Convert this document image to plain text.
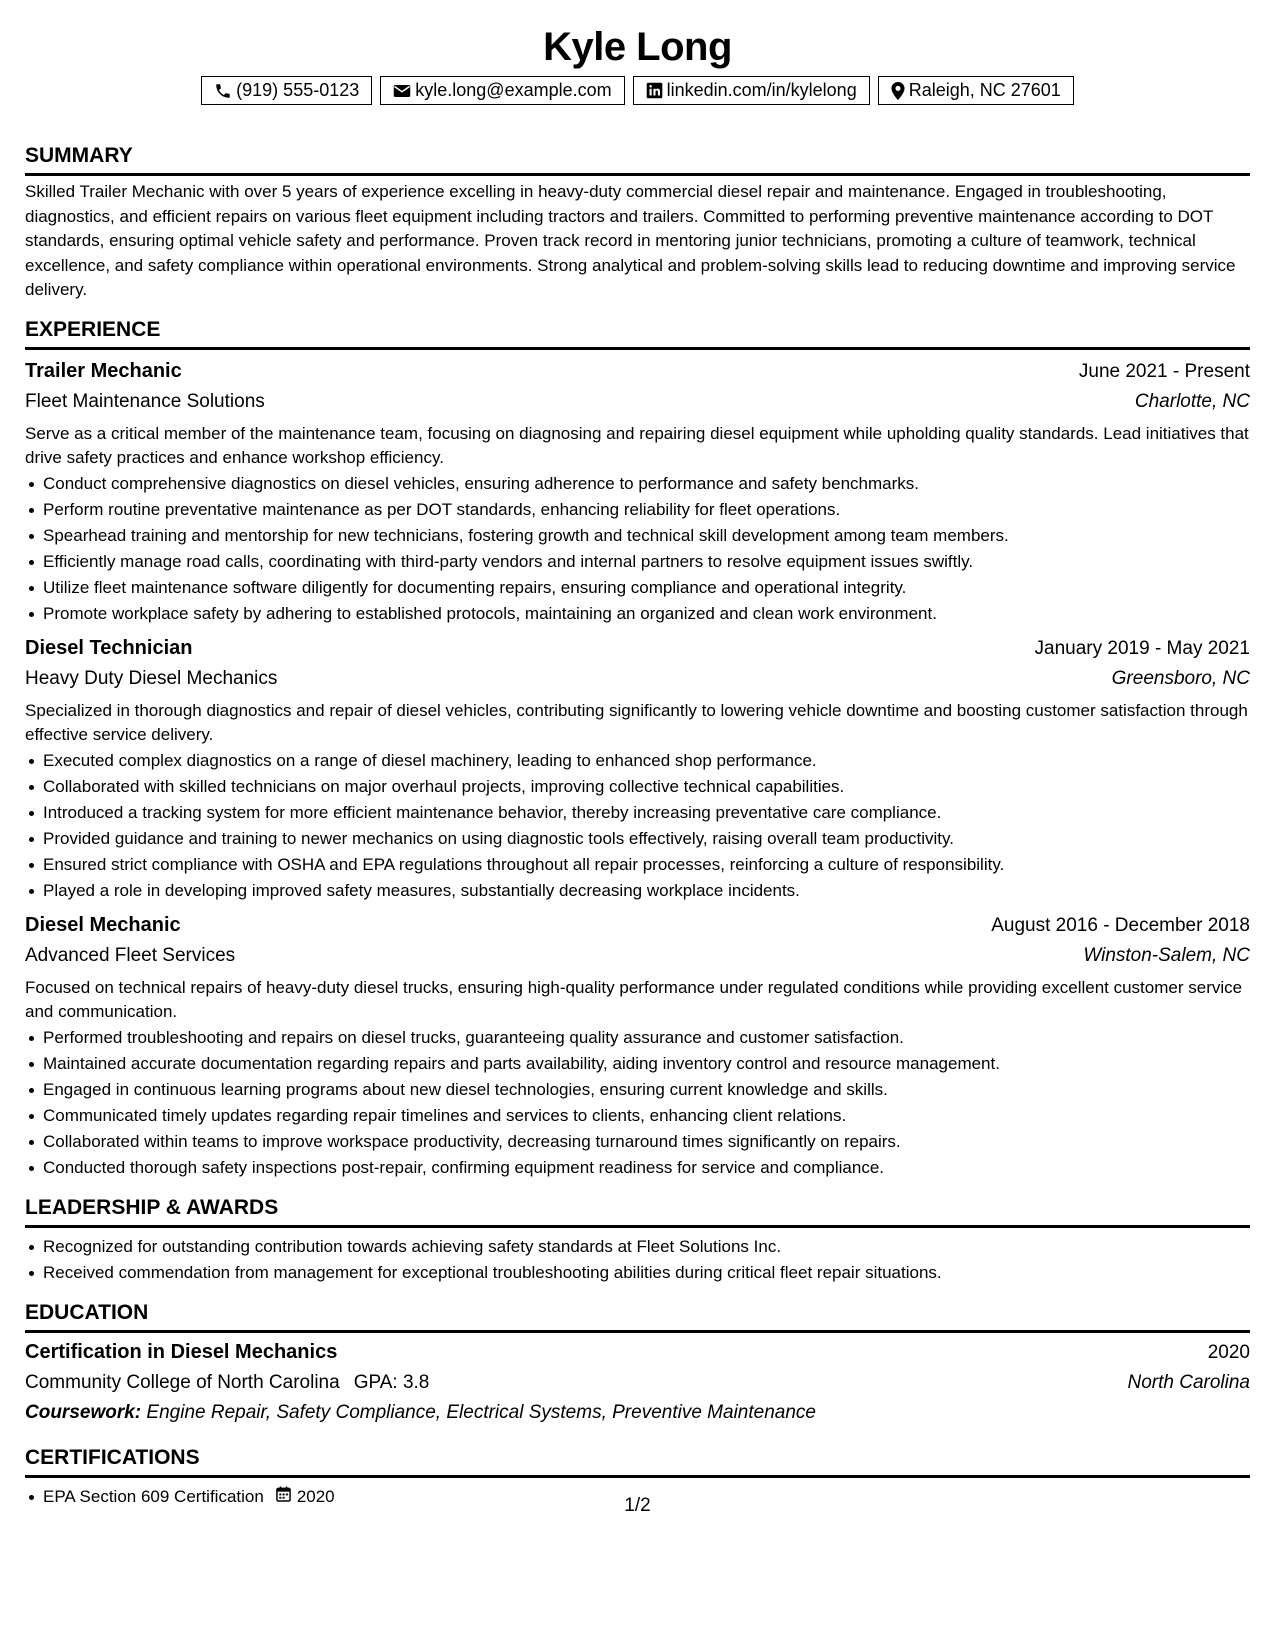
Kyle Long
(919) 555-0123	kyle.long@example.com	linkedin.com/in/kylelong	Raleigh, NC 27601
SUMMARY

Skilled Trailer Mechanic with over 5 years of experience excelling in heavy-duty commercial diesel repair and maintenance. Engaged in troubleshooting, diagnostics, and efficient repairs on various fleet equipment including tractors and trailers. Committed to performing preventive maintenance according to DOT standards, ensuring optimal vehicle safety and performance. Proven track record in mentoring junior technicians, promoting a culture of teamwork, technical excellence, and safety compliance within operational environments. Strong analytical and problem-solving skills lead to reducing downtime and improving service delivery.

EXPERIENCE
Trailer Mechanic	June 2021 - Present
Fleet Maintenance Solutions	Charlotte, NC

Serve as a critical member of the maintenance team, focusing on diagnosing and repairing diesel equipment while upholding quality standards. Lead initiatives that drive safety practices and enhance workshop efficiency.

Conduct comprehensive diagnostics on diesel vehicles, ensuring adherence to performance and safety benchmarks.
Perform routine preventative maintenance as per DOT standards, enhancing reliability for fleet operations.
Spearhead training and mentorship for new technicians, fostering growth and technical skill development among team members.
Efficiently manage road calls, coordinating with third-party vendors and internal partners to resolve equipment issues swiftly.
Utilize fleet maintenance software diligently for documenting repairs, ensuring compliance and operational integrity.
Promote workplace safety by adhering to established protocols, maintaining an organized and clean work environment.
Diesel Technician	January 2019 - May 2021
Heavy Duty Diesel Mechanics	Greensboro, NC

Specialized in thorough diagnostics and repair of diesel vehicles, contributing significantly to lowering vehicle downtime and boosting customer satisfaction through effective service delivery.

Executed complex diagnostics on a range of diesel machinery, leading to enhanced shop performance.
Collaborated with skilled technicians on major overhaul projects, improving collective technical capabilities.
Introduced a tracking system for more efficient maintenance behavior, thereby increasing preventative care compliance.
Provided guidance and training to newer mechanics on using diagnostic tools effectively, raising overall team productivity.
Ensured strict compliance with OSHA and EPA regulations throughout all repair processes, reinforcing a culture of responsibility.
Played a role in developing improved safety measures, substantially decreasing workplace incidents.
Diesel Mechanic	August 2016 - December 2018
Advanced Fleet Services	Winston-Salem, NC

Focused on technical repairs of heavy-duty diesel trucks, ensuring high-quality performance under regulated conditions while providing excellent customer service and communication.

Performed troubleshooting and repairs on diesel trucks, guaranteeing quality assurance and customer satisfaction.
Maintained accurate documentation regarding repairs and parts availability, aiding inventory control and resource management.
Engaged in continuous learning programs about new diesel technologies, ensuring current knowledge and skills.
Communicated timely updates regarding repair timelines and services to clients, enhancing client relations.
Collaborated within teams to improve workspace productivity, decreasing turnaround times significantly on repairs.
Conducted thorough safety inspections post-repair, confirming equipment readiness for service and compliance.
LEADERSHIP & AWARDS
Recognized for outstanding contribution towards achieving safety standards at Fleet Solutions Inc.
Received commendation from management for exceptional troubleshooting abilities during critical fleet repair situations.
EDUCATION
Certification in Diesel Mechanics	2020
Community College of North Carolina GPA: 3.8	North Carolina
Coursework: Engine Repair, Safety Compliance, Electrical Systems, Preventive Maintenance
CERTIFICATIONS
EPA Section 609 Certification 2020	1/2
